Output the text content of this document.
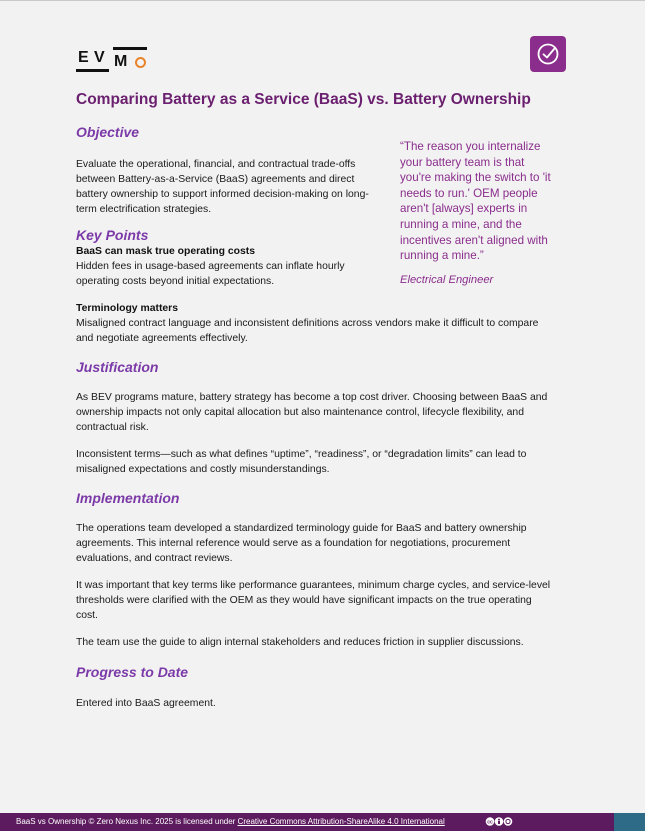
E V M
Comparing Battery as a Service (BaaS) vs. Battery Ownership
Objective
Evaluate the operational, financial, and contractual trade-offs
between Battery-as-a-Service (BaaS) agreements and direct
battery ownership to support informed decision-making on long-
term electrification strategies.
“The reason you internalize
your battery team is that
you're making the switch to 'it
needs to run.' OEM people
aren't [always] experts in
running a mine, and the
incentives aren't aligned with
running a mine.”
Electrical Engineer
Key Points
BaaS can mask true operating costs
Hidden fees in usage-based agreements can inflate hourly
operating costs beyond initial expectations.
Terminology matters
Misaligned contract language and inconsistent definitions across vendors make it difficult to compare
and negotiate agreements effectively.
Justification
As BEV programs mature, battery strategy has become a top cost driver. Choosing between BaaS and
ownership impacts not only capital allocation but also maintenance control, lifecycle flexibility, and
contractual risk.
Inconsistent terms—such as what defines “uptime”, “readiness”, or “degradation limits” can lead to
misaligned expectations and costly misunderstandings.
Implementation
The operations team developed a standardized terminology guide for BaaS and battery ownership
agreements. This internal reference would serve as a foundation for negotiations, procurement
evaluations, and contract reviews.
It was important that key terms like performance guarantees, minimum charge cycles, and service-level
thresholds were clarified with the OEM as they would have significant impacts on the true operating
cost.
The team use the guide to align internal stakeholders and reduces friction in supplier discussions.
Progress to Date
Entered into BaaS agreement.
BaaS vs Ownership © Zero Nexus Inc. 2025 is licensed under Creative Commons Attribution-ShareAlike 4.0 International	cc
